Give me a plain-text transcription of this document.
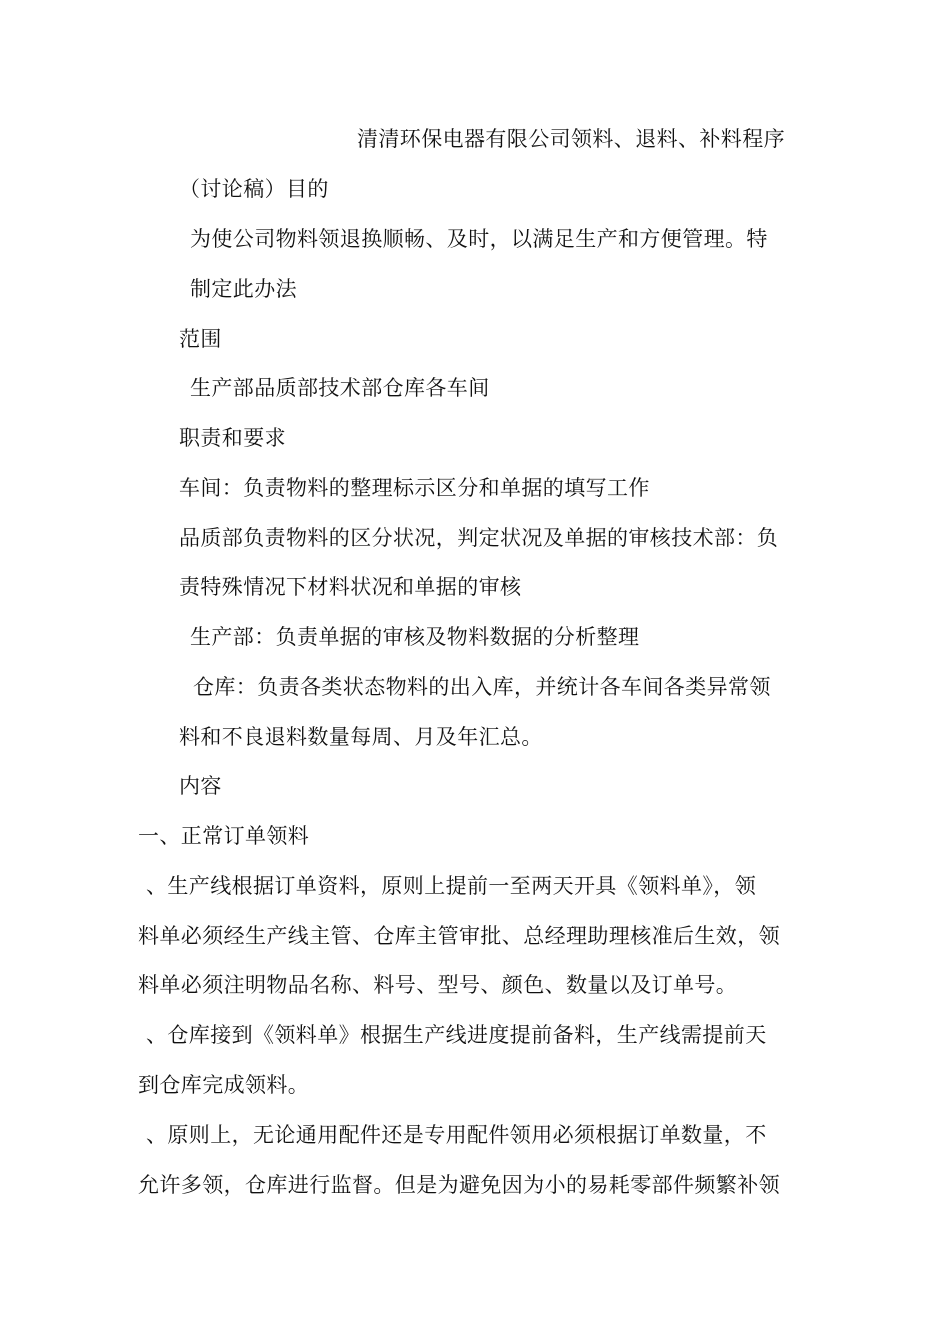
清清环保电器有限公司领料、退料、补料程序
（讨论稿）目的
为使公司物料领退换顺畅、及时，以满足生产和方便管理。特
制定此办法
范围
生产部品质部技术部仓库各车间
职责和要求
车间：负责物料的整理标示区分和单据的填写工作
品质部负责物料的区分状况，判定状况及单据的审核技术部：负
责特殊情况下材料状况和单据的审核
生产部：负责单据的审核及物料数据的分析整理
仓库：负责各类状态物料的出入库，并统计各车间各类异常领
料和不良退料数量每周、月及年汇总。
内容
一、正常订单领料
、生产线根据订单资料，原则上提前一至两天开具《领料单》，领
料单必须经生产线主管、仓库主管审批、总经理助理核准后生效，领
料单必须注明物品名称、料号、型号、颜色、数量以及订单号。
、仓库接到《领料单》根据生产线进度提前备料，生产线需提前天
到仓库完成领料。
、原则上，无论通用配件还是专用配件领用必须根据订单数量，不
允许多领，仓库进行监督。但是为避免因为小的易耗零部件频繁补领
